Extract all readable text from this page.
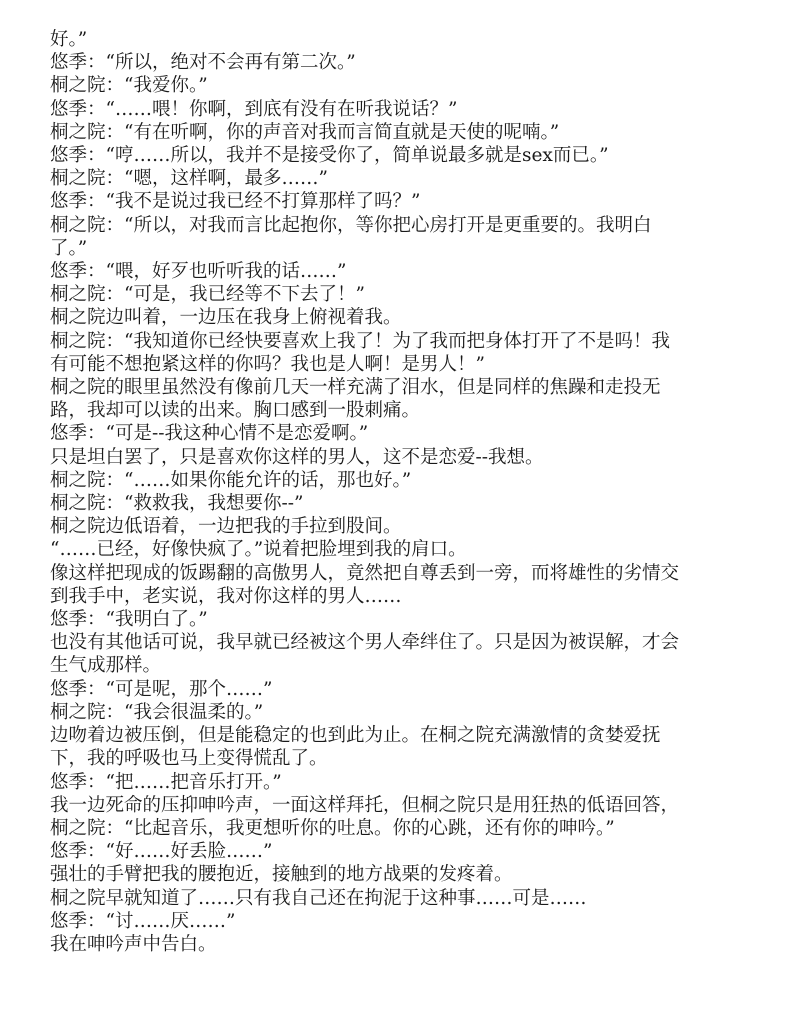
好。”

悠季：“所以，绝对不会再有第二次。”

桐之院：“我爱你。”

悠季：“……喂！你啊，到底有没有在听我说话？”

桐之院：“有在听啊，你的声音对我而言简直就是天使的呢喃。”

悠季：“哼……所以，我并不是接受你了，简单说最多就是sex而已。”

桐之院：“嗯，这样啊，最多……”

悠季：“我不是说过我已经不打算那样了吗？”

桐之院：“所以，对我而言比起抱你，等你把心房打开是更重要的。我明白

了。”

悠季：“喂，好歹也听听我的话……”

桐之院：“可是，我已经等不下去了！”

桐之院边叫着，一边压在我身上俯视着我。

桐之院：“我知道你已经快要喜欢上我了！为了我而把身体打开了不是吗！我

有可能不想抱紧这样的你吗？我也是人啊！是男人！”

桐之院的眼里虽然没有像前几天一样充满了泪水，但是同样的焦躁和走投无

路，我却可以读的出来。胸口感到一股刺痛。

悠季：“可是--我这种心情不是恋爱啊。”

只是坦白罢了，只是喜欢你这样的男人，这不是恋爱--我想。

桐之院：“……如果你能允许的话，那也好。”

桐之院：“救救我，我想要你--”

桐之院边低语着，一边把我的手拉到股间。

“……已经，好像快疯了。”说着把脸埋到我的肩口。

像这样把现成的饭踢翻的高傲男人，竟然把自尊丢到一旁，而将雄性的劣情交

到我手中，老实说，我对你这样的男人……

悠季：“我明白了。”

也没有其他话可说，我早就已经被这个男人牵绊住了。只是因为被误解，才会

生气成那样。

悠季：“可是呢，那个……”

桐之院：“我会很温柔的。”

边吻着边被压倒，但是能稳定的也到此为止。在桐之院充满激情的贪婪爱抚

下，我的呼吸也马上变得慌乱了。

悠季：“把……把音乐打开。”

我一边死命的压抑呻吟声，一面这样拜托，但桐之院只是用狂热的低语回答，

桐之院：“比起音乐，我更想听你的吐息。你的心跳，还有你的呻吟。”

悠季：“好……好丢脸……”

强壮的手臂把我的腰抱近，接触到的地方战栗的发疼着。

桐之院早就知道了……只有我自己还在拘泥于这种事……可是……

悠季：“讨……厌……”

我在呻吟声中告白。
